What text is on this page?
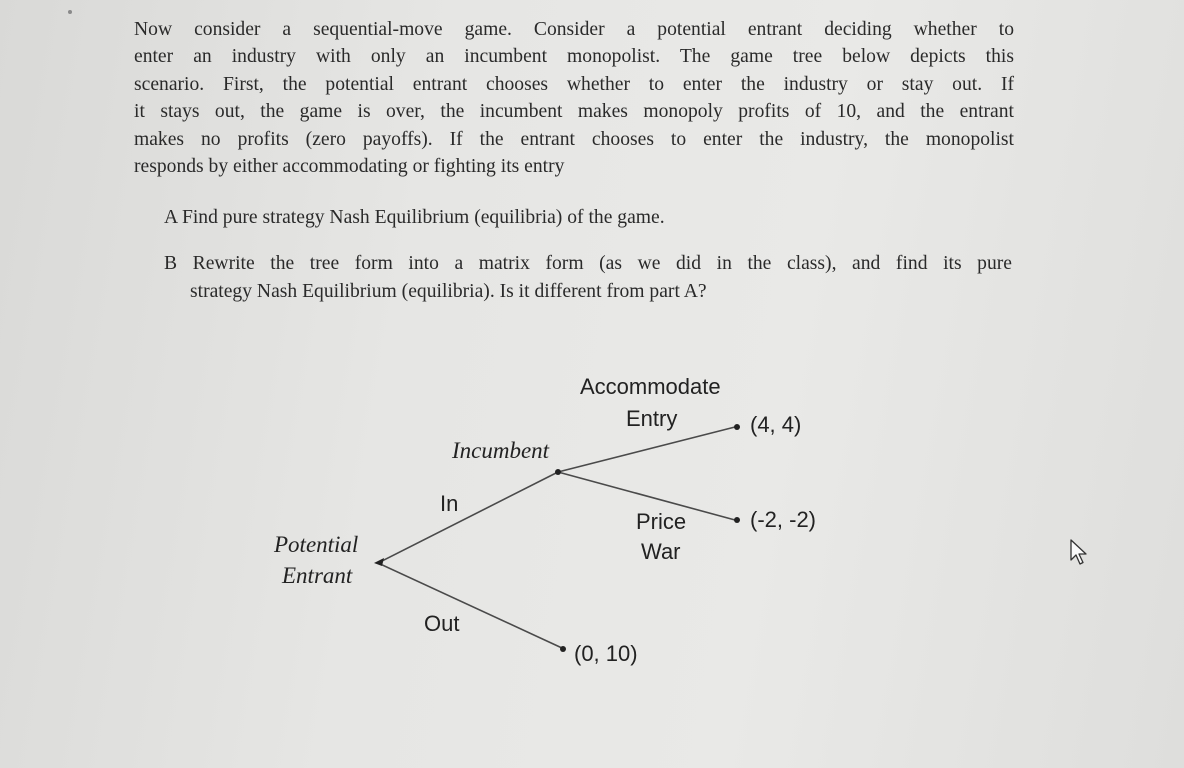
Now consider a sequential-move game. Consider a potential entrant deciding whether to
enter an industry with only an incumbent monopolist. The game tree below depicts this
scenario. First, the potential entrant chooses whether to enter the industry or stay out. If
it stays out, the game is over, the incumbent makes monopoly profits of 10, and the entrant
makes no profits (zero payoffs). If the entrant chooses to enter the industry, the monopolist
responds by either accommodating or fighting its entry
A Find pure strategy Nash Equilibrium (equilibria) of the game.
B Rewrite the tree form into a matrix form (as we did in the class), and find its pure
strategy Nash Equilibrium (equilibria). Is it different from part A?
Potential
Entrant
In
Out
Incumbent
Accommodate
Entry
Price
War
(4, 4)
(-2, -2)
(0, 10)
